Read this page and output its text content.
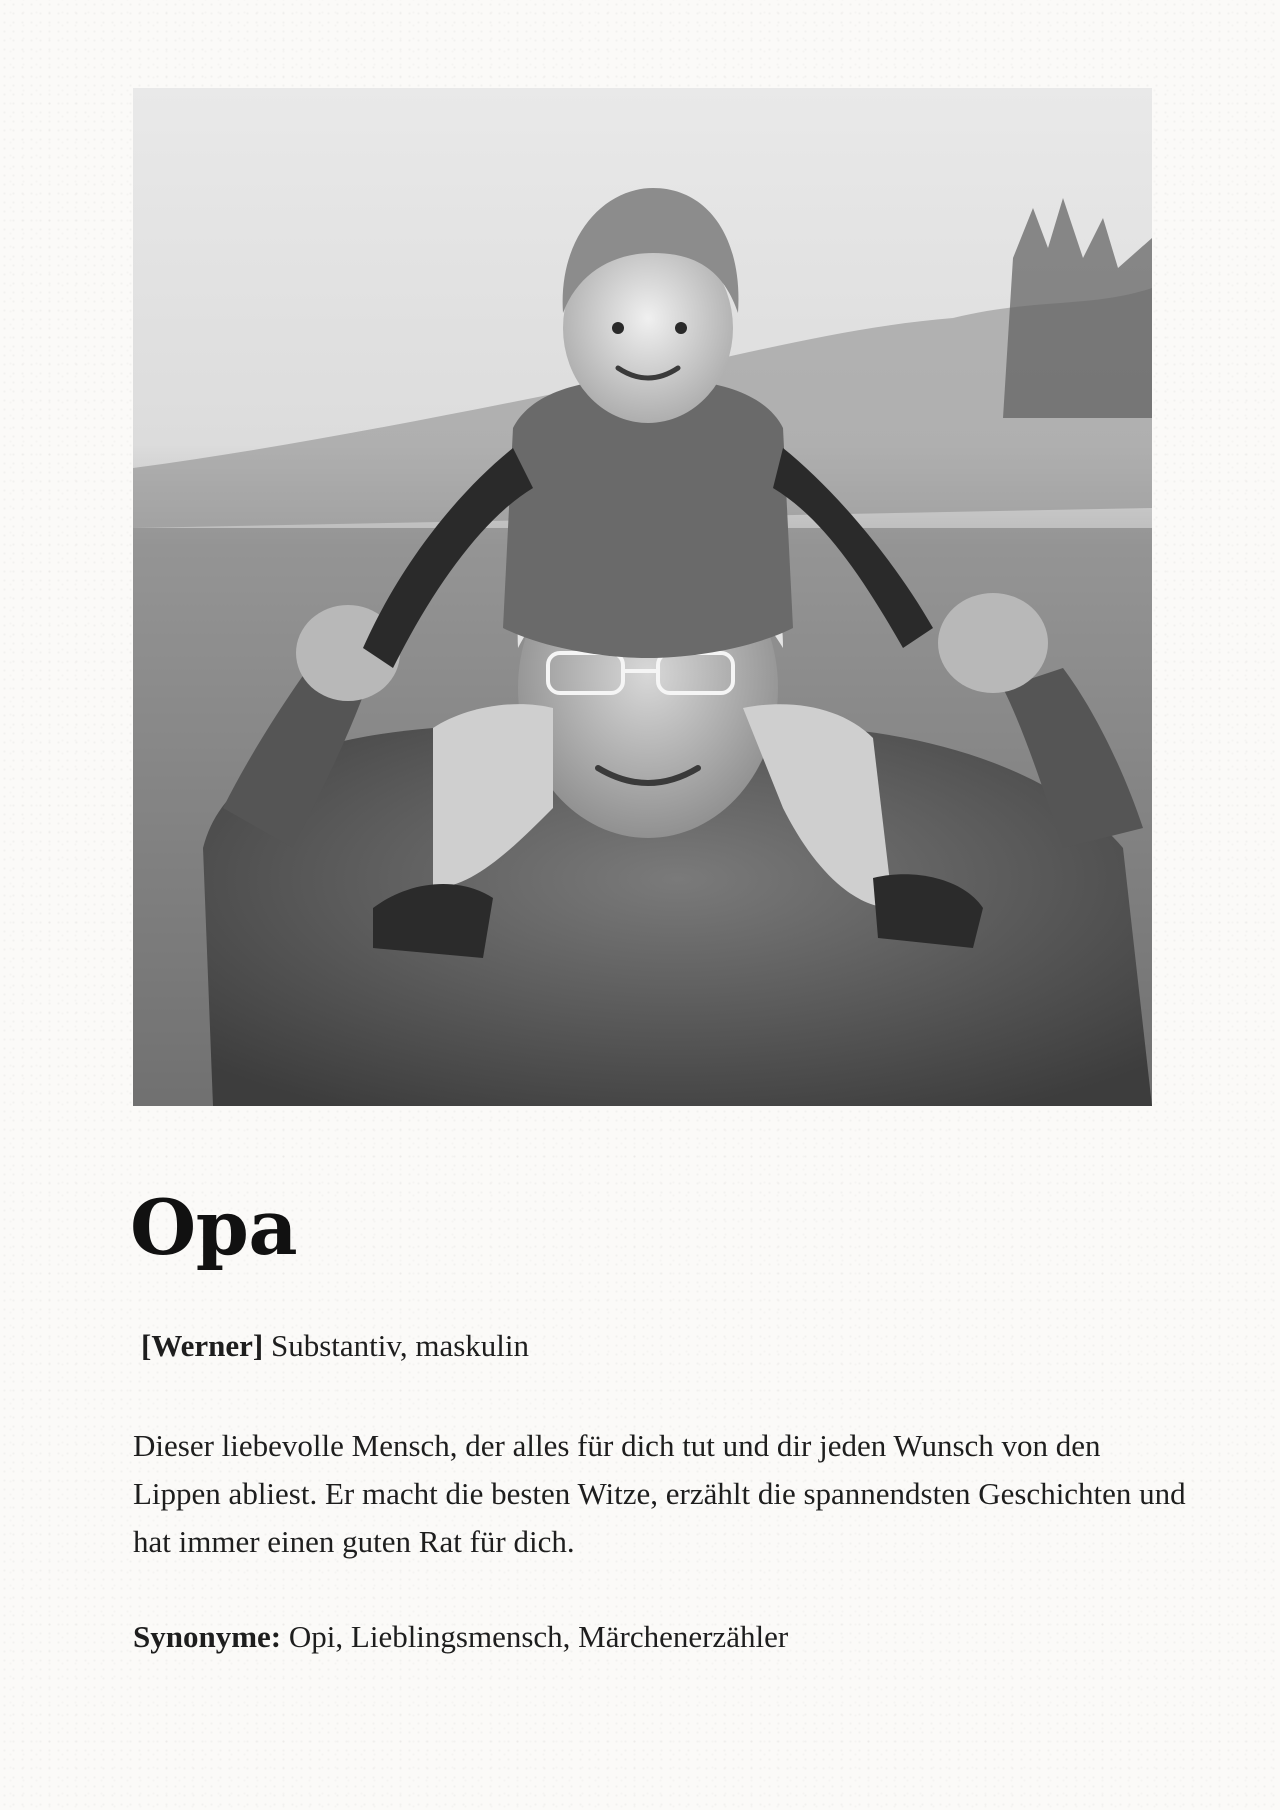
Opa
[Werner] Substantiv, maskulin

Dieser liebevolle Mensch, der alles für dich tut und dir jeden Wunsch von den Lippen abliest. Er macht die besten Witze, erzählt die spannendsten Geschichten und hat immer einen guten Rat für dich.

Synonyme: Opi, Lieblingsmensch, Märchenerzähler
